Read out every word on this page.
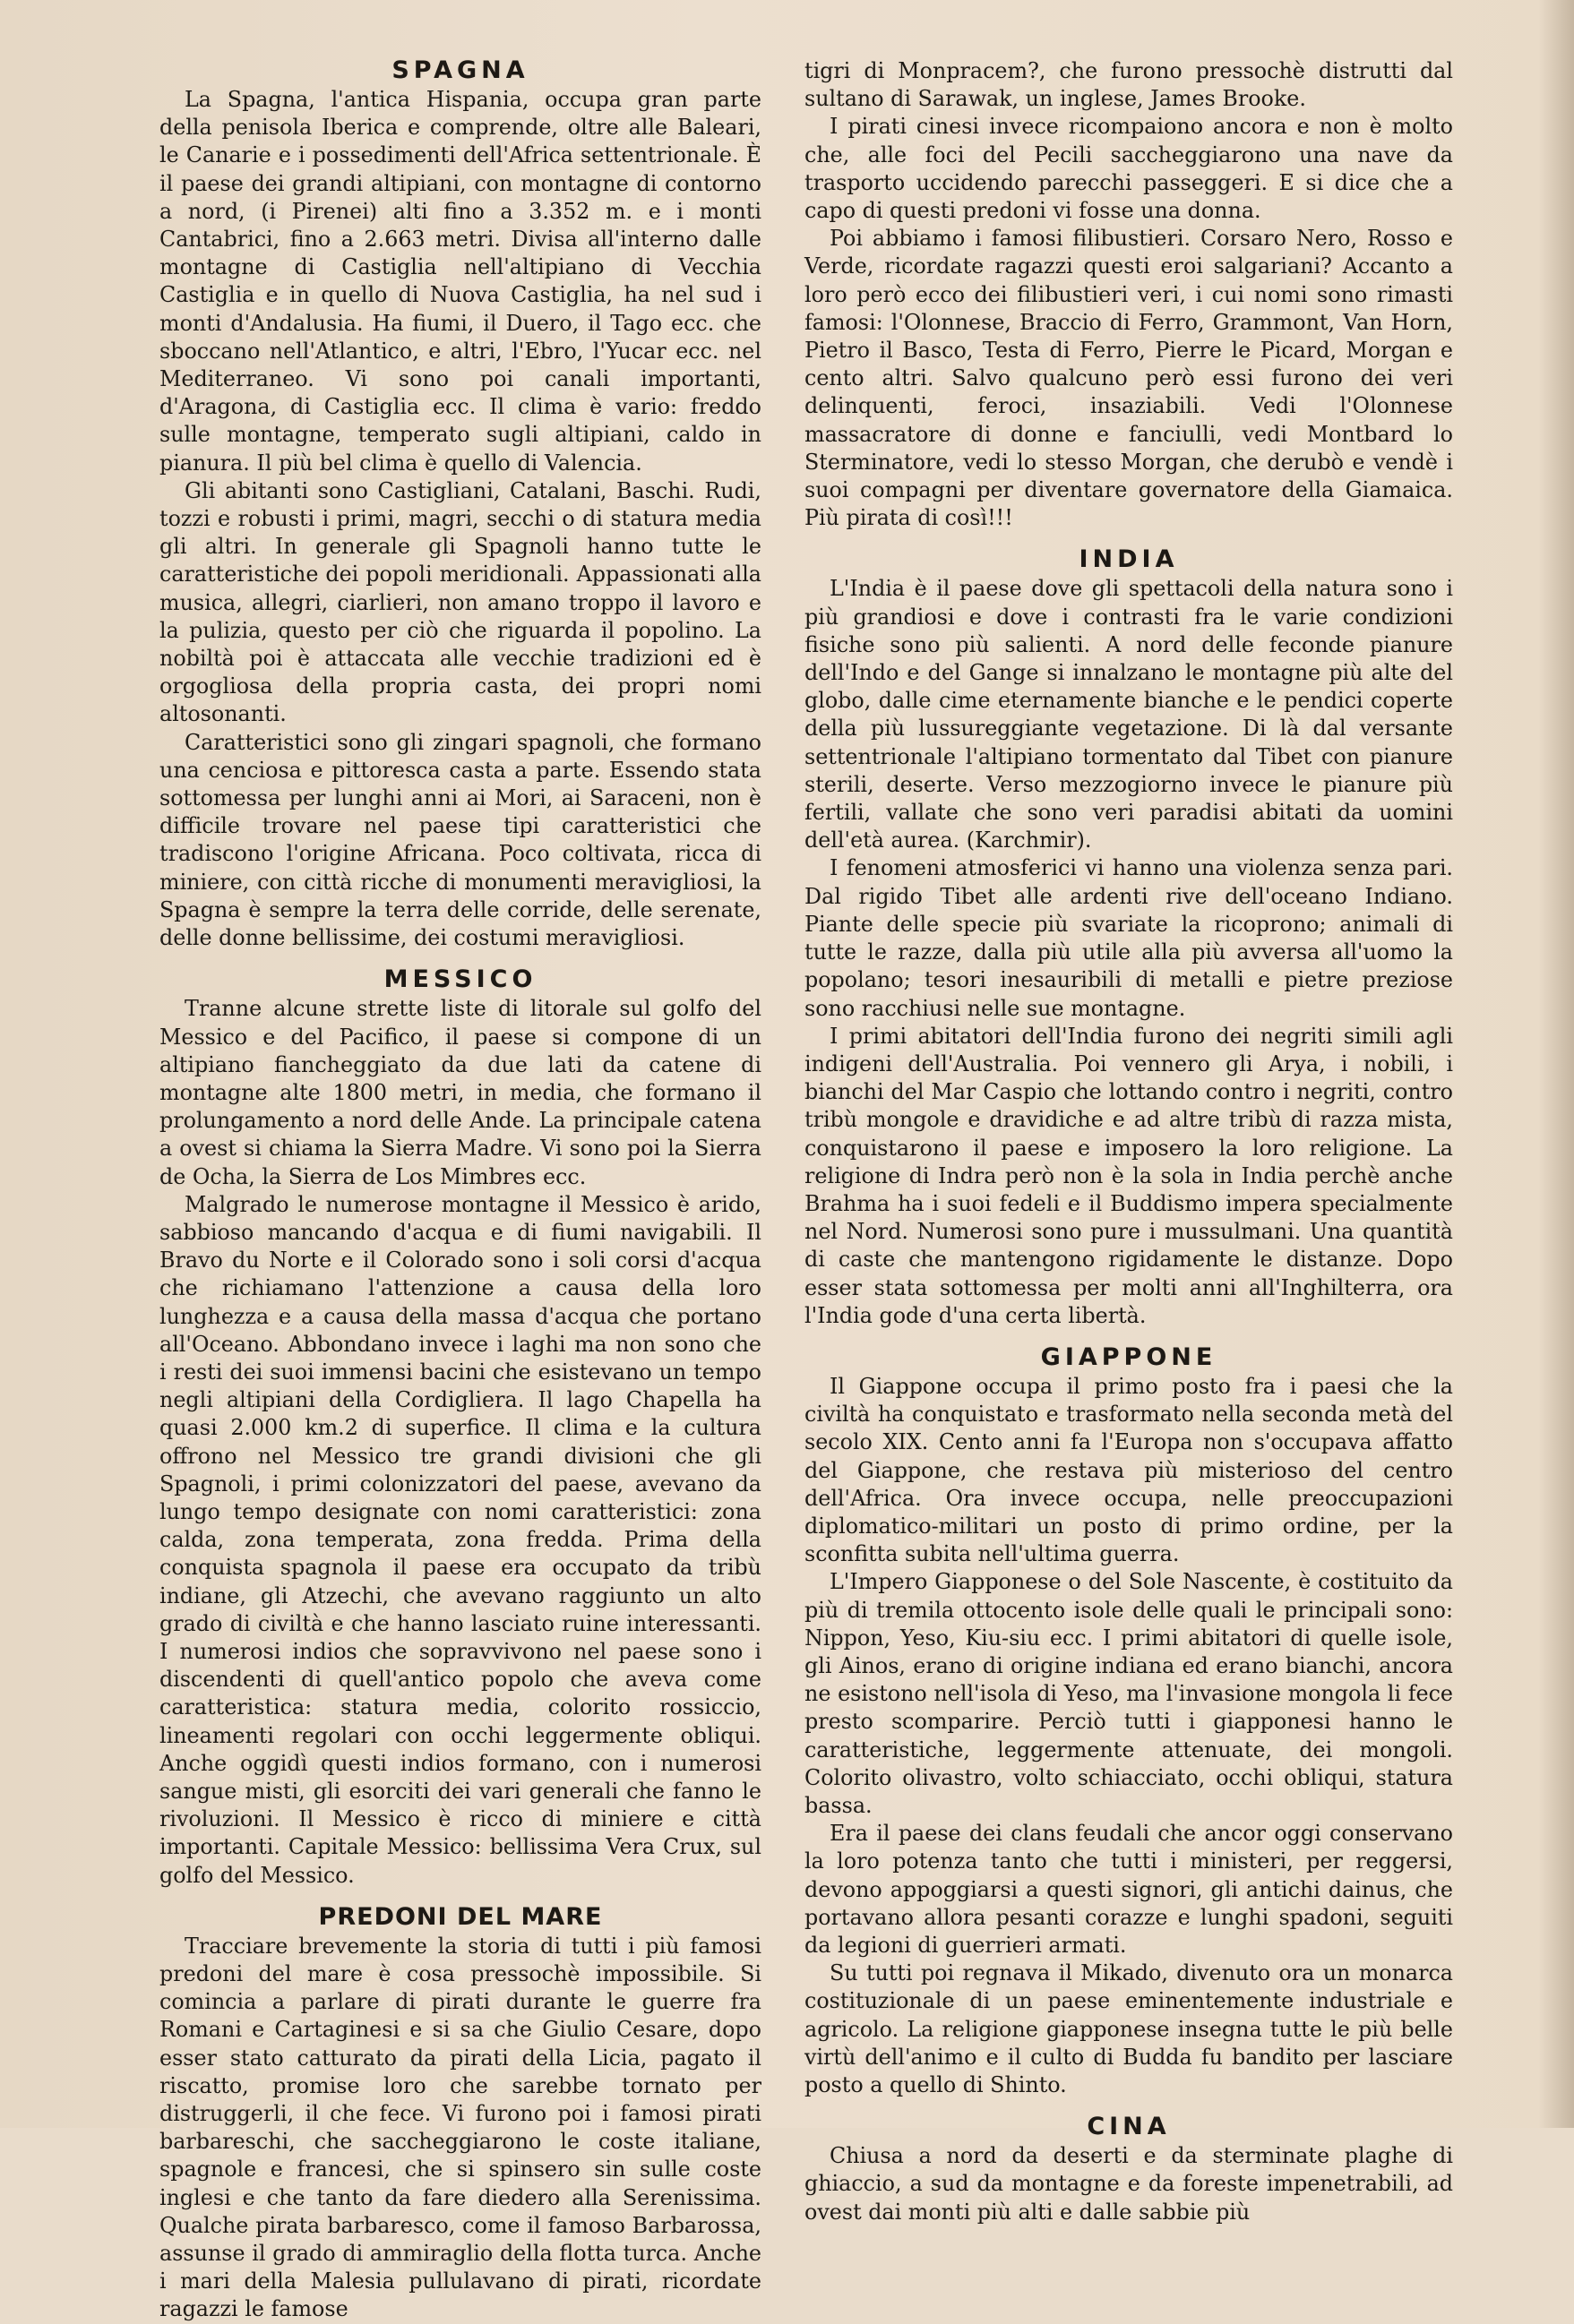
SPAGNA

La Spagna, l'antica Hispania, occupa gran parte della penisola Iberica e comprende, oltre alle Baleari, le Canarie e i possedimenti dell'Africa settentrionale. È il paese dei grandi altipiani, con montagne di contorno a nord, (i Pirenei) alti fino a 3.352 m. e i monti Cantabrici, fino a 2.663 metri. Divisa all'interno dalle montagne di Castiglia nell'altipiano di Vecchia Castiglia e in quello di Nuova Castiglia, ha nel sud i monti d'Andalusia. Ha fiumi, il Duero, il Tago ecc. che sboccano nell'Atlantico, e altri, l'Ebro, l'Yucar ecc. nel Mediterraneo. Vi sono poi canali importanti, d'Aragona, di Castiglia ecc. Il clima è vario: freddo sulle montagne, temperato sugli altipiani, caldo in pianura. Il più bel clima è quello di Valencia.

Gli abitanti sono Castigliani, Catalani, Baschi. Rudi, tozzi e robusti i primi, magri, secchi o di statura media gli altri. In generale gli Spagnoli hanno tutte le caratteristiche dei popoli meridionali. Appassionati alla musica, allegri, ciarlieri, non amano troppo il lavoro e la pulizia, questo per ciò che riguarda il popolino. La nobiltà poi è attaccata alle vecchie tradizioni ed è orgogliosa della propria casta, dei propri nomi altosonanti.

Caratteristici sono gli zingari spagnoli, che formano una cenciosa e pittoresca casta a parte. Essendo stata sottomessa per lunghi anni ai Mori, ai Saraceni, non è difficile trovare nel paese tipi caratteristici che tradiscono l'origine Africana. Poco coltivata, ricca di miniere, con città ricche di monumenti meravigliosi, la Spagna è sempre la terra delle corride, delle serenate, delle donne bellissime, dei costumi meravigliosi.

MESSICO

Tranne alcune strette liste di litorale sul golfo del Messico e del Pacifico, il paese si compone di un altipiano fiancheggiato da due lati da catene di montagne alte 1800 metri, in media, che formano il prolungamento a nord delle Ande. La principale catena a ovest si chiama la Sierra Madre. Vi sono poi la Sierra de Ocha, la Sierra de Los Mimbres ecc.

Malgrado le numerose montagne il Messico è arido, sabbioso mancando d'acqua e di fiumi navigabili. Il Bravo du Norte e il Colorado sono i soli corsi d'acqua che richiamano l'attenzione a causa della loro lunghezza e a causa della massa d'acqua che portano all'Oceano. Abbondano invece i laghi ma non sono che i resti dei suoi immensi bacini che esistevano un tempo negli altipiani della Cordigliera. Il lago Chapella ha quasi 2.000 km.2 di superfice. Il clima e la cultura offrono nel Messico tre grandi divisioni che gli Spagnoli, i primi colonizzatori del paese, avevano da lungo tempo designate con nomi caratteristici: zona calda, zona temperata, zona fredda. Prima della conquista spagnola il paese era occupato da tribù indiane, gli Atzechi, che avevano raggiunto un alto grado di civiltà e che hanno lasciato ruine interessanti. I numerosi indios che sopravvivono nel paese sono i discendenti di quell'antico popolo che aveva come caratteristica: statura media, colorito rossiccio, lineamenti regolari con occhi leggermente obliqui. Anche oggidì questi indios formano, con i numerosi sangue misti, gli esorciti dei vari generali che fanno le rivoluzioni. Il Messico è ricco di miniere e città importanti. Capitale Messico: bellissima Vera Crux, sul golfo del Messico.

PREDONI DEL MARE

Tracciare brevemente la storia di tutti i più famosi predoni del mare è cosa pressochè impossibile. Si comincia a parlare di pirati durante le guerre fra Romani e Cartaginesi e si sa che Giulio Cesare, dopo esser stato catturato da pirati della Licia, pagato il riscatto, promise loro che sarebbe tornato per distruggerli, il che fece. Vi furono poi i famosi pirati barbareschi, che saccheggiarono le coste italiane, spagnole e francesi, che si spinsero sin sulle coste inglesi e che tanto da fare diedero alla Serenissima. Qualche pirata barbaresco, come il famoso Barbarossa, assunse il grado di ammiraglio della flotta turca. Anche i mari della Malesia pullulavano di pirati, ricordate ragazzi le famose

tigri di Monpracem?, che furono pressochè distrutti dal sultano di Sarawak, un inglese, James Brooke.

I pirati cinesi invece ricompaiono ancora e non è molto che, alle foci del Pecili saccheggiarono una nave da trasporto uccidendo parecchi passeggeri. E si dice che a capo di questi predoni vi fosse una donna.

Poi abbiamo i famosi filibustieri. Corsaro Nero, Rosso e Verde, ricordate ragazzi questi eroi salgariani? Accanto a loro però ecco dei filibustieri veri, i cui nomi sono rimasti famosi: l'Olonnese, Braccio di Ferro, Grammont, Van Horn, Pietro il Basco, Testa di Ferro, Pierre le Picard, Morgan e cento altri. Salvo qualcuno però essi furono dei veri delinquenti, feroci, insaziabili. Vedi l'Olonnese massacratore di donne e fanciulli, vedi Montbard lo Sterminatore, vedi lo stesso Morgan, che derubò e vendè i suoi compagni per diventare governatore della Giamaica. Più pirata di così!!!

INDIA

L'India è il paese dove gli spettacoli della natura sono i più grandiosi e dove i contrasti fra le varie condizioni fisiche sono più salienti. A nord delle feconde pianure dell'Indo e del Gange si innalzano le montagne più alte del globo, dalle cime eternamente bianche e le pendici coperte della più lussureggiante vegetazione. Di là dal versante settentrionale l'altipiano tormentato dal Tibet con pianure sterili, deserte. Verso mezzogiorno invece le pianure più fertili, vallate che sono veri paradisi abitati da uomini dell'età aurea. (Karchmir).

I fenomeni atmosferici vi hanno una violenza senza pari. Dal rigido Tibet alle ardenti rive dell'oceano Indiano. Piante delle specie più svariate la ricoprono; animali di tutte le razze, dalla più utile alla più avversa all'uomo la popolano; tesori inesauribili di metalli e pietre preziose sono racchiusi nelle sue montagne.

I primi abitatori dell'India furono dei negriti simili agli indigeni dell'Australia. Poi vennero gli Arya, i nobili, i bianchi del Mar Caspio che lottando contro i negriti, contro tribù mongole e dravidiche e ad altre tribù di razza mista, conquistarono il paese e imposero la loro religione. La religione di Indra però non è la sola in India perchè anche Brahma ha i suoi fedeli e il Buddismo impera specialmente nel Nord. Numerosi sono pure i mussulmani. Una quantità di caste che mantengono rigidamente le distanze. Dopo esser stata sottomessa per molti anni all'Inghilterra, ora l'India gode d'una certa libertà.

GIAPPONE

Il Giappone occupa il primo posto fra i paesi che la civiltà ha conquistato e trasformato nella seconda metà del secolo XIX. Cento anni fa l'Europa non s'occupava affatto del Giappone, che restava più misterioso del centro dell'Africa. Ora invece occupa, nelle preoccupazioni diplomatico-militari un posto di primo ordine, per la sconfitta subita nell'ultima guerra.

L'Impero Giapponese o del Sole Nascente, è costituito da più di tremila ottocento isole delle quali le principali sono: Nippon, Yeso, Kiu-siu ecc. I primi abitatori di quelle isole, gli Ainos, erano di origine indiana ed erano bianchi, ancora ne esistono nell'isola di Yeso, ma l'invasione mongola li fece presto scomparire. Perciò tutti i giapponesi hanno le caratteristiche, leggermente attenuate, dei mongoli. Colorito olivastro, volto schiacciato, occhi obliqui, statura bassa.

Era il paese dei clans feudali che ancor oggi conservano la loro potenza tanto che tutti i ministeri, per reggersi, devono appoggiarsi a questi signori, gli antichi dainus, che portavano allora pesanti corazze e lunghi spadoni, seguiti da legioni di guerrieri armati.

Su tutti poi regnava il Mikado, divenuto ora un monarca costituzionale di un paese eminentemente industriale e agricolo. La religione giapponese insegna tutte le più belle virtù dell'animo e il culto di Budda fu bandito per lasciare posto a quello di Shinto.

CINA

Chiusa a nord da deserti e da sterminate plaghe di ghiaccio, a sud da montagne e da foreste impenetrabili, ad ovest dai monti più alti e dalle sabbie più
